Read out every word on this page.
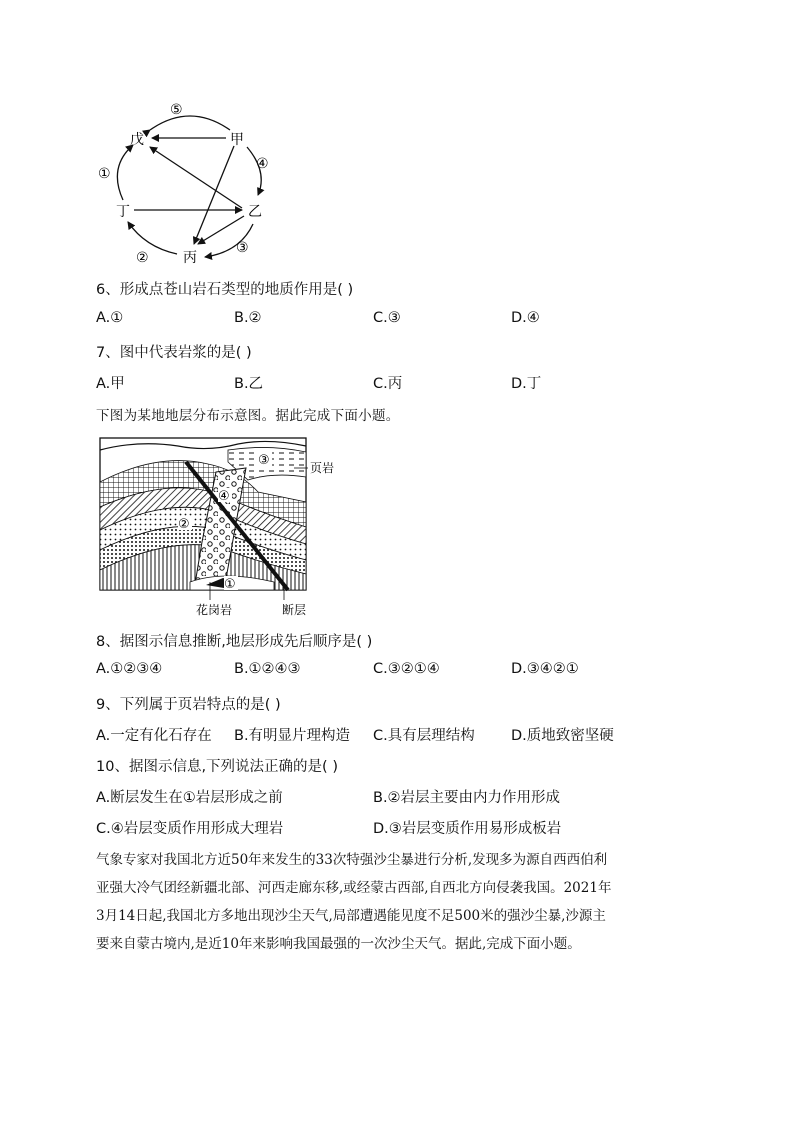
戊	甲
乙
丙
丁
⑤
④
③
②
①
6、形成点苍山岩石类型的地质作用是( )
A.①	B.②	C.③	D.④
7、图中代表岩浆的是( )
A.甲	B.乙	C.丙	D.丁
下图为某地地层分布示意图。据此完成下面小题。
③
④
②
①
页岩
花岗岩	断层
8、据图示信息推断,地层形成先后顺序是( )
A.①②③④	B.①②④③	C.③②①④	D.③④②①
9、下列属于页岩特点的是( )
A.一定有化石存在 B.有明显片理构造 C.具有层理结构	D.质地致密坚硬
10、据图示信息,下列说法正确的是( )
A.断层发生在①岩层形成之前	B.②岩层主要由内力作用形成
C.④岩层变质作用形成大理岩	D.③岩层变质作用易形成板岩
气象专家对我国北方近50年来发生的33次特强沙尘暴进行分析,发现多为源自西西伯利
亚强大冷气团经新疆北部、河西走廊东移,或经蒙古西部,自西北方向侵袭我国。2021年
3月14日起,我国北方多地出现沙尘天气,局部遭遇能见度不足500米的强沙尘暴,沙源主
要来自蒙古境内,是近10年来影响我国最强的一次沙尘天气。据此,完成下面小题。
